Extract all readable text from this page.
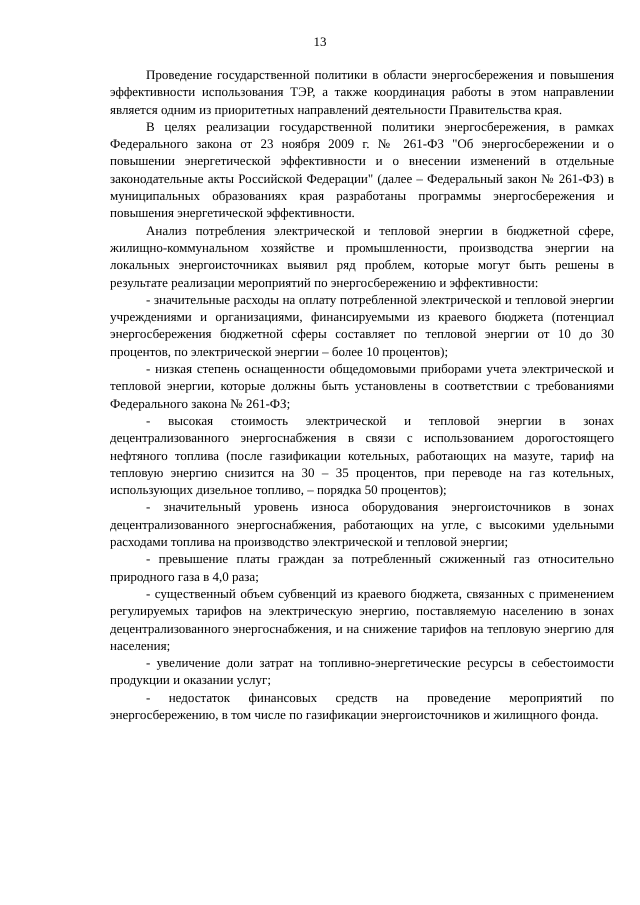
13

Проведение государственной политики в области энергосбережения и повышения эффективности использования ТЭР, а также координация работы в этом направлении является одним из приоритетных направлений деятельности Правительства края.

В целях реализации государственной политики энергосбережения, в рамках Федерального закона от 23 ноября 2009 г. № 261-ФЗ "Об энергосбережении и о повышении энергетической эффективности и о внесении изменений в отдельные законодательные акты Российской Федерации" (далее – Федеральный закон № 261-ФЗ) в муниципальных образованиях края разработаны программы энергосбережения и повышения энергетической эффективности.

Анализ потребления электрической и тепловой энергии в бюджетной сфере, жилищно-коммунальном хозяйстве и промышленности, производства энергии на локальных энергоисточниках выявил ряд проблем, которые могут быть решены в результате реализации мероприятий по энергосбережению и эффективности:

- значительные расходы на оплату потребленной электрической и тепловой энергии учреждениями и организациями, финансируемыми из краевого бюджета (потенциал энергосбережения бюджетной сферы составляет по тепловой энергии от 10 до 30 процентов, по электрической энергии – более 10 процентов);

- низкая степень оснащенности общедомовыми приборами учета электрической и тепловой энергии, которые должны быть установлены в соответствии с требованиями Федерального закона № 261-ФЗ;

- высокая стоимость электрической и тепловой энергии в зонах децентрализованного энергоснабжения в связи с использованием дорогостоящего нефтяного топлива (после газификации котельных, работающих на мазуте, тариф на тепловую энергию снизится на 30 – 35 процентов, при переводе на газ котельных, использующих дизельное топливо, – порядка 50 процентов);

- значительный уровень износа оборудования энергоисточников в зонах децентрализованного энергоснабжения, работающих на угле, с высокими удельными расходами топлива на производство электрической и тепловой энергии;

- превышение платы граждан за потребленный сжиженный газ относительно природного газа в 4,0 раза;

- существенный объем субвенций из краевого бюджета, связанных с применением регулируемых тарифов на электрическую энергию, поставляемую населению в зонах децентрализованного энергоснабжения, и на снижение тарифов на тепловую энергию для населения;

- увеличение доли затрат на топливно-энергетические ресурсы в себестоимости продукции и оказании услуг;

- недостаток финансовых средств на проведение мероприятий по энергосбережению, в том числе по газификации энергоисточников и жилищного фонда.
